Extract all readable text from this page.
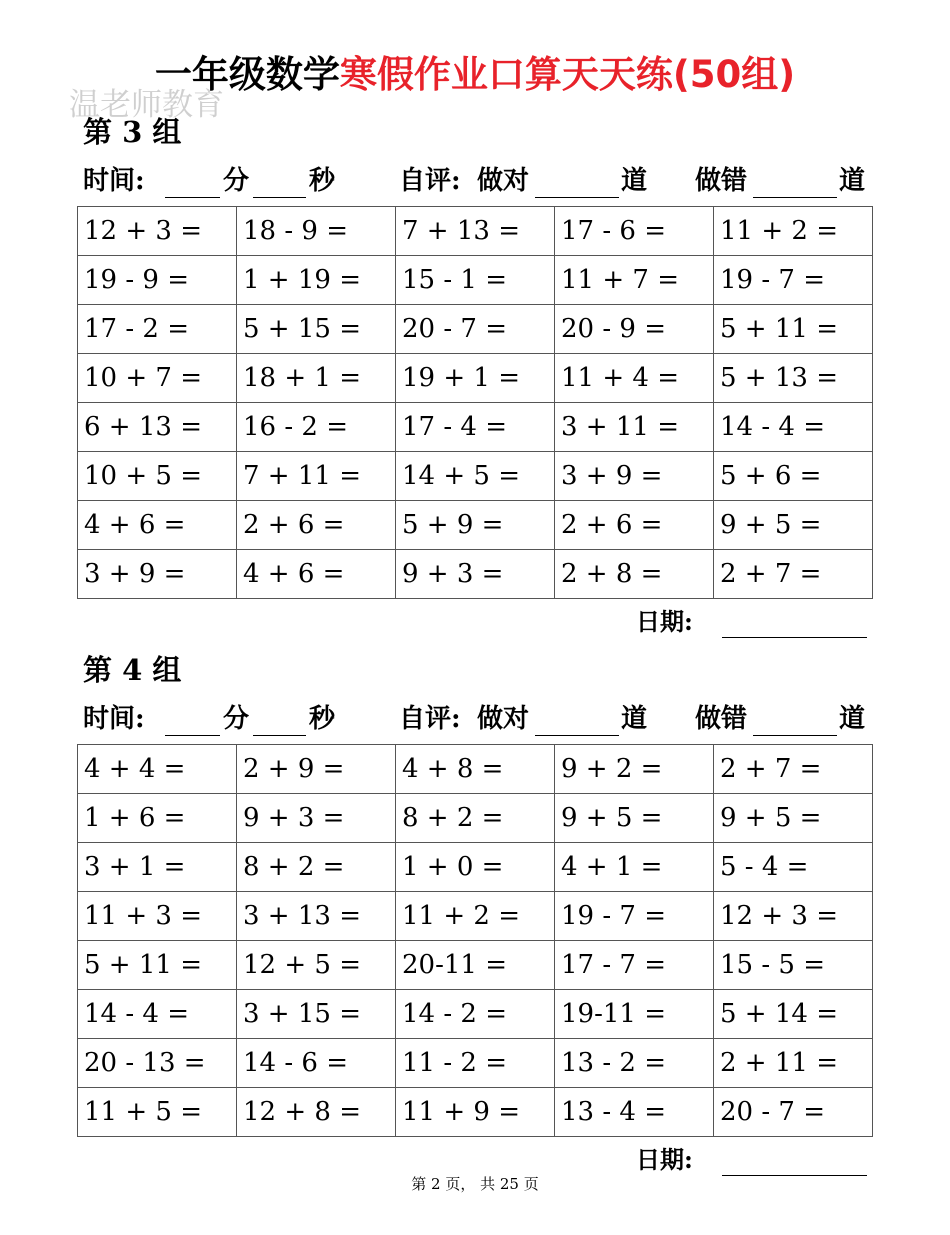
一年级数学寒假作业口算天天练(50组)
温老师教育
第 3 组
时间:	分 秒 自评: 做对	道 做错	道
12 + 3 =	18 - 9 =	7 + 13 =	17 - 6 =	11 + 2 =
19 - 9 =	1 + 19 =	15 - 1 =	11 + 7 =	19 - 7 =
17 - 2 =	5 + 15 =	20 - 7 =	20 - 9 =	5 + 11 =
10 + 7 =	18 + 1 =	19 + 1 =	11 + 4 =	5 + 13 =
6 + 13 =	16 - 2 =	17 - 4 =	3 + 11 =	14 - 4 =
10 + 5 =	7 + 11 =	14 + 5 =	3 + 9 =	5 + 6 =
4 + 6 =	2 + 6 =	5 + 9 =	2 + 6 =	9 + 5 =
3 + 9 =	4 + 6 =	9 + 3 =	2 + 8 =	2 + 7 =
日期:
第 4 组
时间:	分 秒 自评: 做对	道 做错	道
4 + 4 =	2 + 9 =	4 + 8 =	9 + 2 =	2 + 7 =
1 + 6 =	9 + 3 =	8 + 2 =	9 + 5 =	9 + 5 =
3 + 1 =	8 + 2 =	1 + 0 =	4 + 1 =	5 - 4 =
11 + 3 =	3 + 13 =	11 + 2 =	19 - 7 =	12 + 3 =
5 + 11 =	12 + 5 =	20-11 =	17 - 7 =	15 - 5 =
14 - 4 =	3 + 15 =	14 - 2 =	19-11 =	5 + 14 =
20 - 13 =	14 - 6 =	11 - 2 =	13 - 2 =	2 + 11 =
11 + 5 =	12 + 8 =	11 + 9 =	13 - 4 =	20 - 7 =
日期:
第 2 页， 共 25 页
